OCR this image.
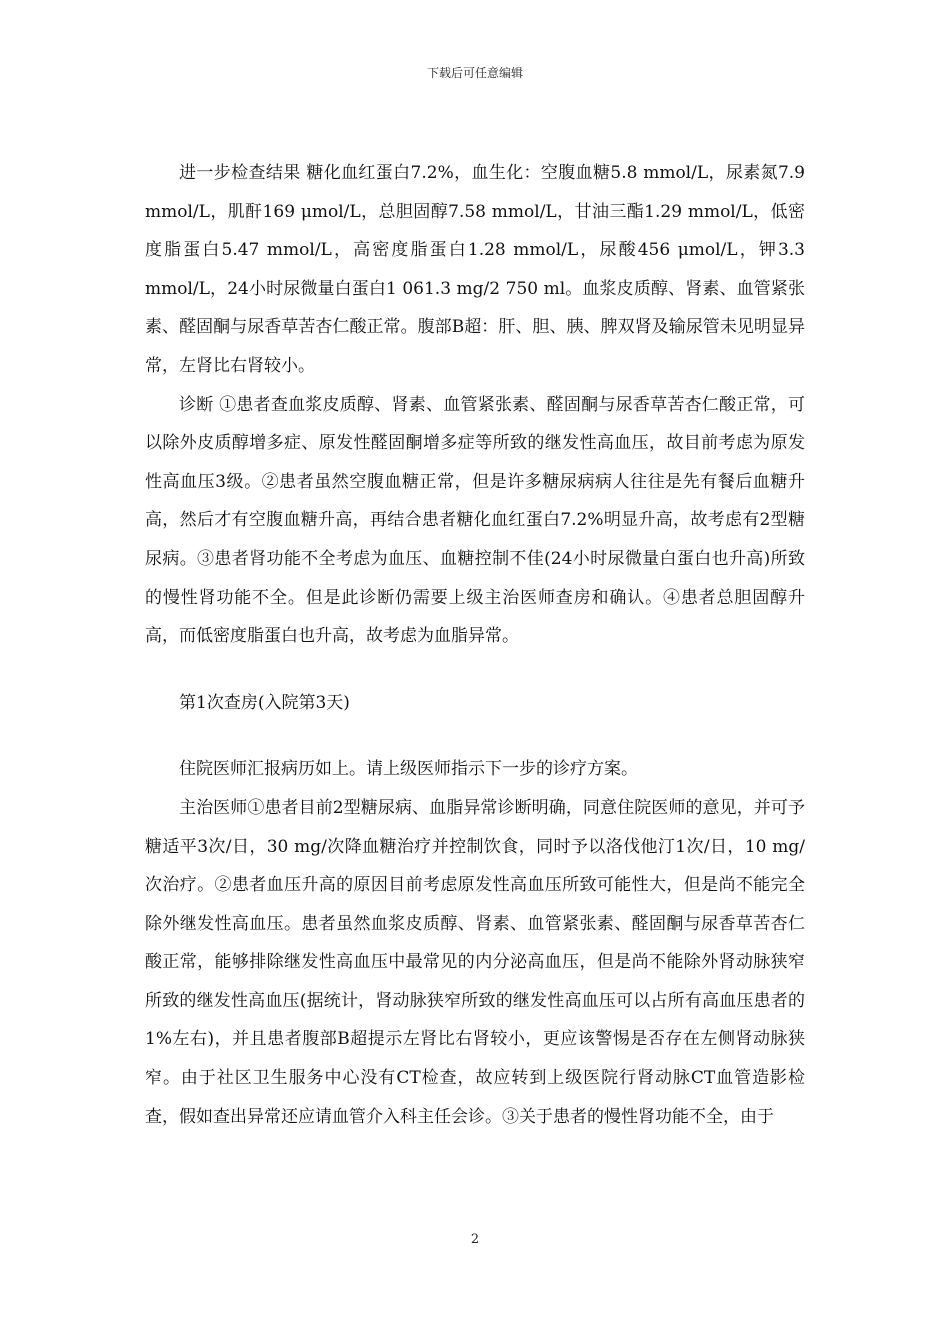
下载后可任意编辑

进一步检查结果 糖化血红蛋白7.2%，血生化：空腹血糖5.8 mmol/L，尿素氮7.9 mmol/L，肌酐169 μmol/L，总胆固醇7.58 mmol/L，甘油三酯1.29 mmol/L，低密度脂蛋白5.47 mmol/L，高密度脂蛋白1.28 mmol/L，尿酸456 μmol/L，钾3.3 mmol/L，24小时尿微量白蛋白1 061.3 mg/2 750 ml。血浆皮质醇、肾素、血管紧张素、醛固酮与尿香草苦杏仁酸正常。腹部B超：肝、胆、胰、脾双肾及输尿管未见明显异常，左肾比右肾较小。

诊断 ①患者查血浆皮质醇、肾素、血管紧张素、醛固酮与尿香草苦杏仁酸正常，可以除外皮质醇增多症、原发性醛固酮增多症等所致的继发性高血压，故目前考虑为原发性高血压3级。②患者虽然空腹血糖正常，但是许多糖尿病病人往往是先有餐后血糖升高，然后才有空腹血糖升高，再结合患者糖化血红蛋白7.2%明显升高，故考虑有2型糖尿病。③患者肾功能不全考虑为血压、血糖控制不佳(24小时尿微量白蛋白也升高)所致的慢性肾功能不全。但是此诊断仍需要上级主治医师查房和确认。④患者总胆固醇升高，而低密度脂蛋白也升高，故考虑为血脂异常。

第1次查房(入院第3天)

住院医师汇报病历如上。请上级医师指示下一步的诊疗方案。

主治医师①患者目前2型糖尿病、血脂异常诊断明确，同意住院医师的意见，并可予糖适平3次/日，30 mg/次降血糖治疗并控制饮食，同时予以洛伐他汀1次/日，10 mg/次治疗。②患者血压升高的原因目前考虑原发性高血压所致可能性大，但是尚不能完全除外继发性高血压。患者虽然血浆皮质醇、肾素、血管紧张素、醛固酮与尿香草苦杏仁酸正常，能够排除继发性高血压中最常见的内分泌高血压，但是尚不能除外肾动脉狭窄所致的继发性高血压(据统计，肾动脉狭窄所致的继发性高血压可以占所有高血压患者的1%左右)，并且患者腹部B超提示左肾比右肾较小，更应该警惕是否存在左侧肾动脉狭窄。由于社区卫生服务中心没有CT检查，故应转到上级医院行肾动脉CT血管造影检查，假如查出异常还应请血管介入科主任会诊。③关于患者的慢性肾功能不全，由于

2
